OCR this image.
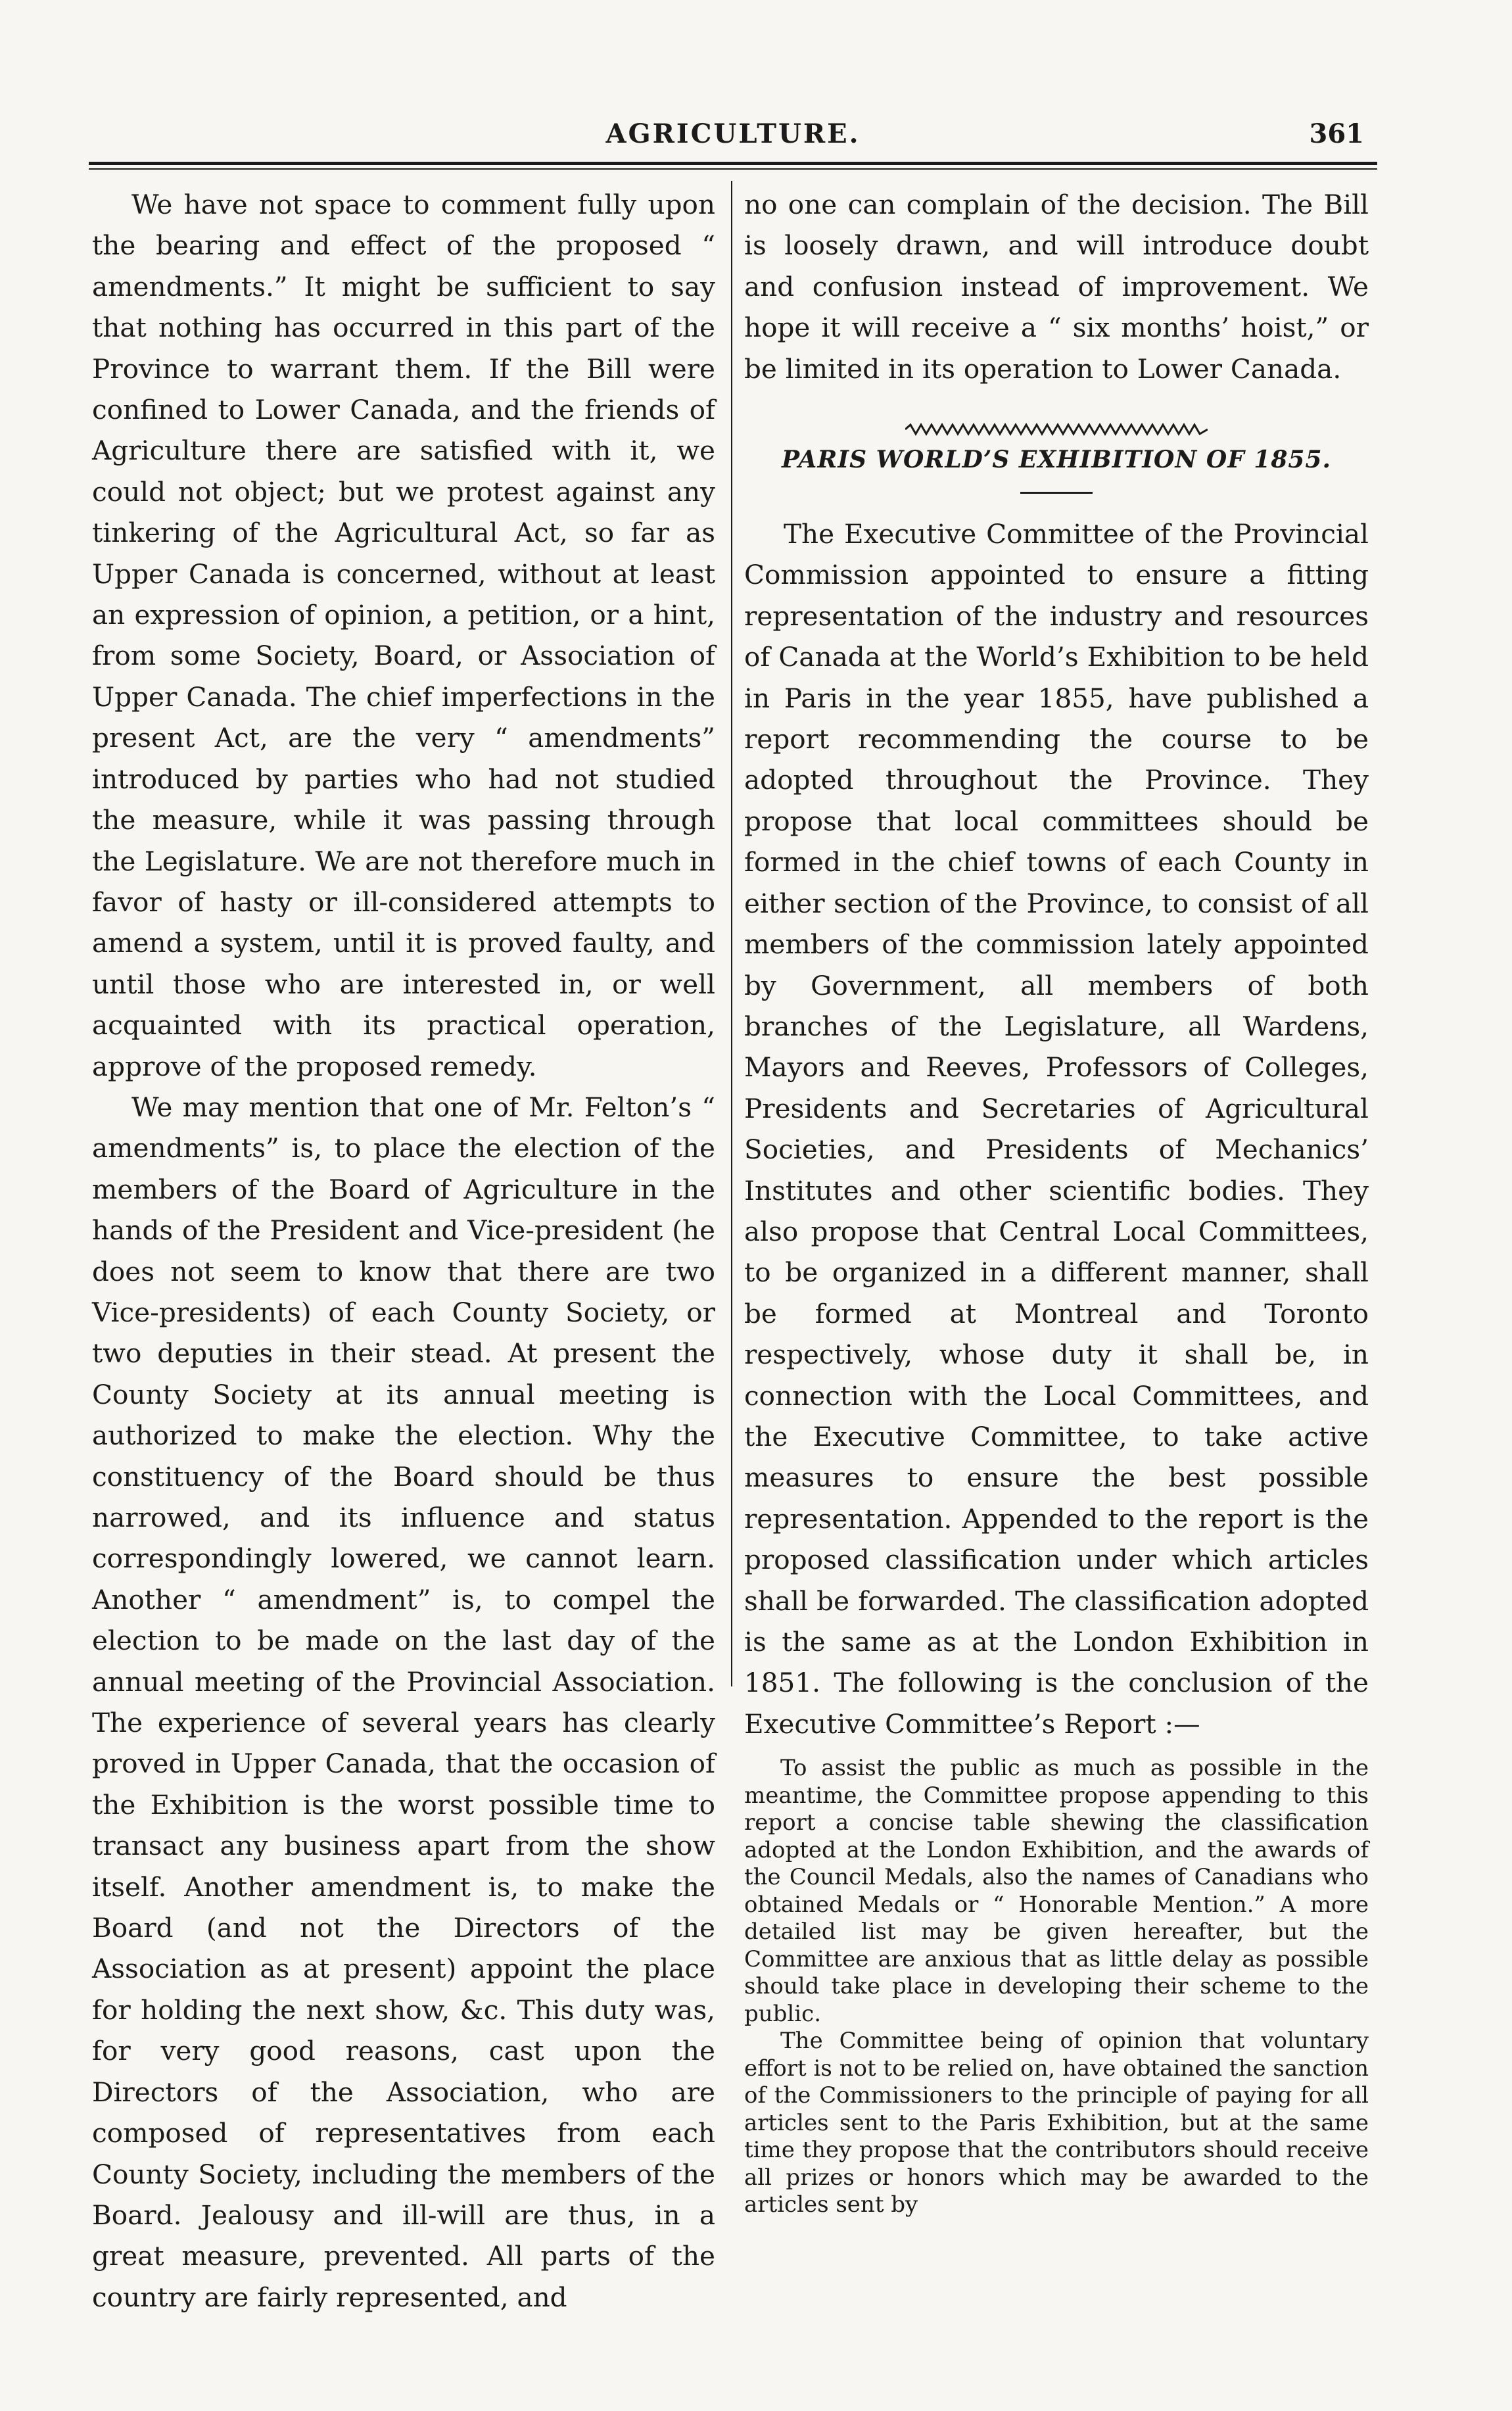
AGRICULTURE.	361

We have not space to comment fully upon the bearing and effect of the proposed “ amendments.” It might be sufficient to say that nothing has occurred in this part of the Province to warrant them. If the Bill were confined to Lower Canada, and the friends of Agriculture there are satisfied with it, we could not object; but we protest against any tinkering of the Agricultural Act, so far as Upper Canada is concerned, without at least an expression of opinion, a petition, or a hint, from some Society, Board, or Association of Upper Canada. The chief imperfections in the present Act, are the very “ amendments” introduced by parties who had not studied the measure, while it was passing through the Legislature. We are not therefore much in favor of hasty or ill-considered attempts to amend a system, until it is proved faulty, and until those who are interested in, or well acquainted with its practical operation, approve of the proposed remedy.

We may mention that one of Mr. Felton’s “ amendments” is, to place the election of the members of the Board of Agriculture in the hands of the President and Vice-president (he does not seem to know that there are two Vice-presidents) of each County Society, or two deputies in their stead. At present the County Society at its annual meeting is authorized to make the election. Why the constituency of the Board should be thus narrowed, and its influence and status correspondingly lowered, we cannot learn. Another “ amendment” is, to compel the election to be made on the last day of the annual meeting of the Provincial Association. The experience of several years has clearly proved in Upper Canada, that the occasion of the Exhibition is the worst possible time to transact any business apart from the show itself. Another amendment is, to make the Board (and not the Directors of the Association as at present) appoint the place for holding the next show, &c. This duty was, for very good reasons, cast upon the Directors of the Association, who are composed of representatives from each County Society, including the members of the Board. Jealousy and ill-will are thus, in a great measure, prevented. All parts of the country are fairly represented, and

no one can complain of the decision. The Bill is loosely drawn, and will introduce doubt and confusion instead of improvement. We hope it will receive a “ six months’ hoist,” or be limited in its operation to Lower Canada.

PARIS WORLD’S EXHIBITION OF 1855.

The Executive Committee of the Provincial Commission appointed to ensure a fitting representation of the industry and resources of Canada at the World’s Exhibition to be held in Paris in the year 1855, have published a report recommending the course to be adopted throughout the Province. They propose that local committees should be formed in the chief towns of each County in either section of the Province, to consist of all members of the commission lately appointed by Government, all members of both branches of the Legislature, all Wardens, Mayors and Reeves, Professors of Colleges, Presidents and Secretaries of Agricultural Societies, and Presidents of Mechanics’ Institutes and other scientific bodies. They also propose that Central Local Committees, to be organized in a different manner, shall be formed at Montreal and Toronto respectively, whose duty it shall be, in connection with the Local Committees, and the Executive Committee, to take active measures to ensure the best possible representation. Appended to the report is the proposed classification under which articles shall be forwarded. The classification adopted is the same as at the London Exhibition in 1851. The following is the conclusion of the Executive Committee’s Report :—

To assist the public as much as possible in the meantime, the Committee propose appending to this report a concise table shewing the classification adopted at the London Exhibition, and the awards of the Council Medals, also the names of Canadians who obtained Medals or “ Honorable Mention.” A more detailed list may be given hereafter, but the Committee are anxious that as little delay as possible should take place in developing their scheme to the public.

The Committee being of opinion that voluntary effort is not to be relied on, have obtained the sanction of the Commissioners to the principle of paying for all articles sent to the Paris Exhibition, but at the same time they propose that the contributors should receive all prizes or honors which may be awarded to the articles sent by
